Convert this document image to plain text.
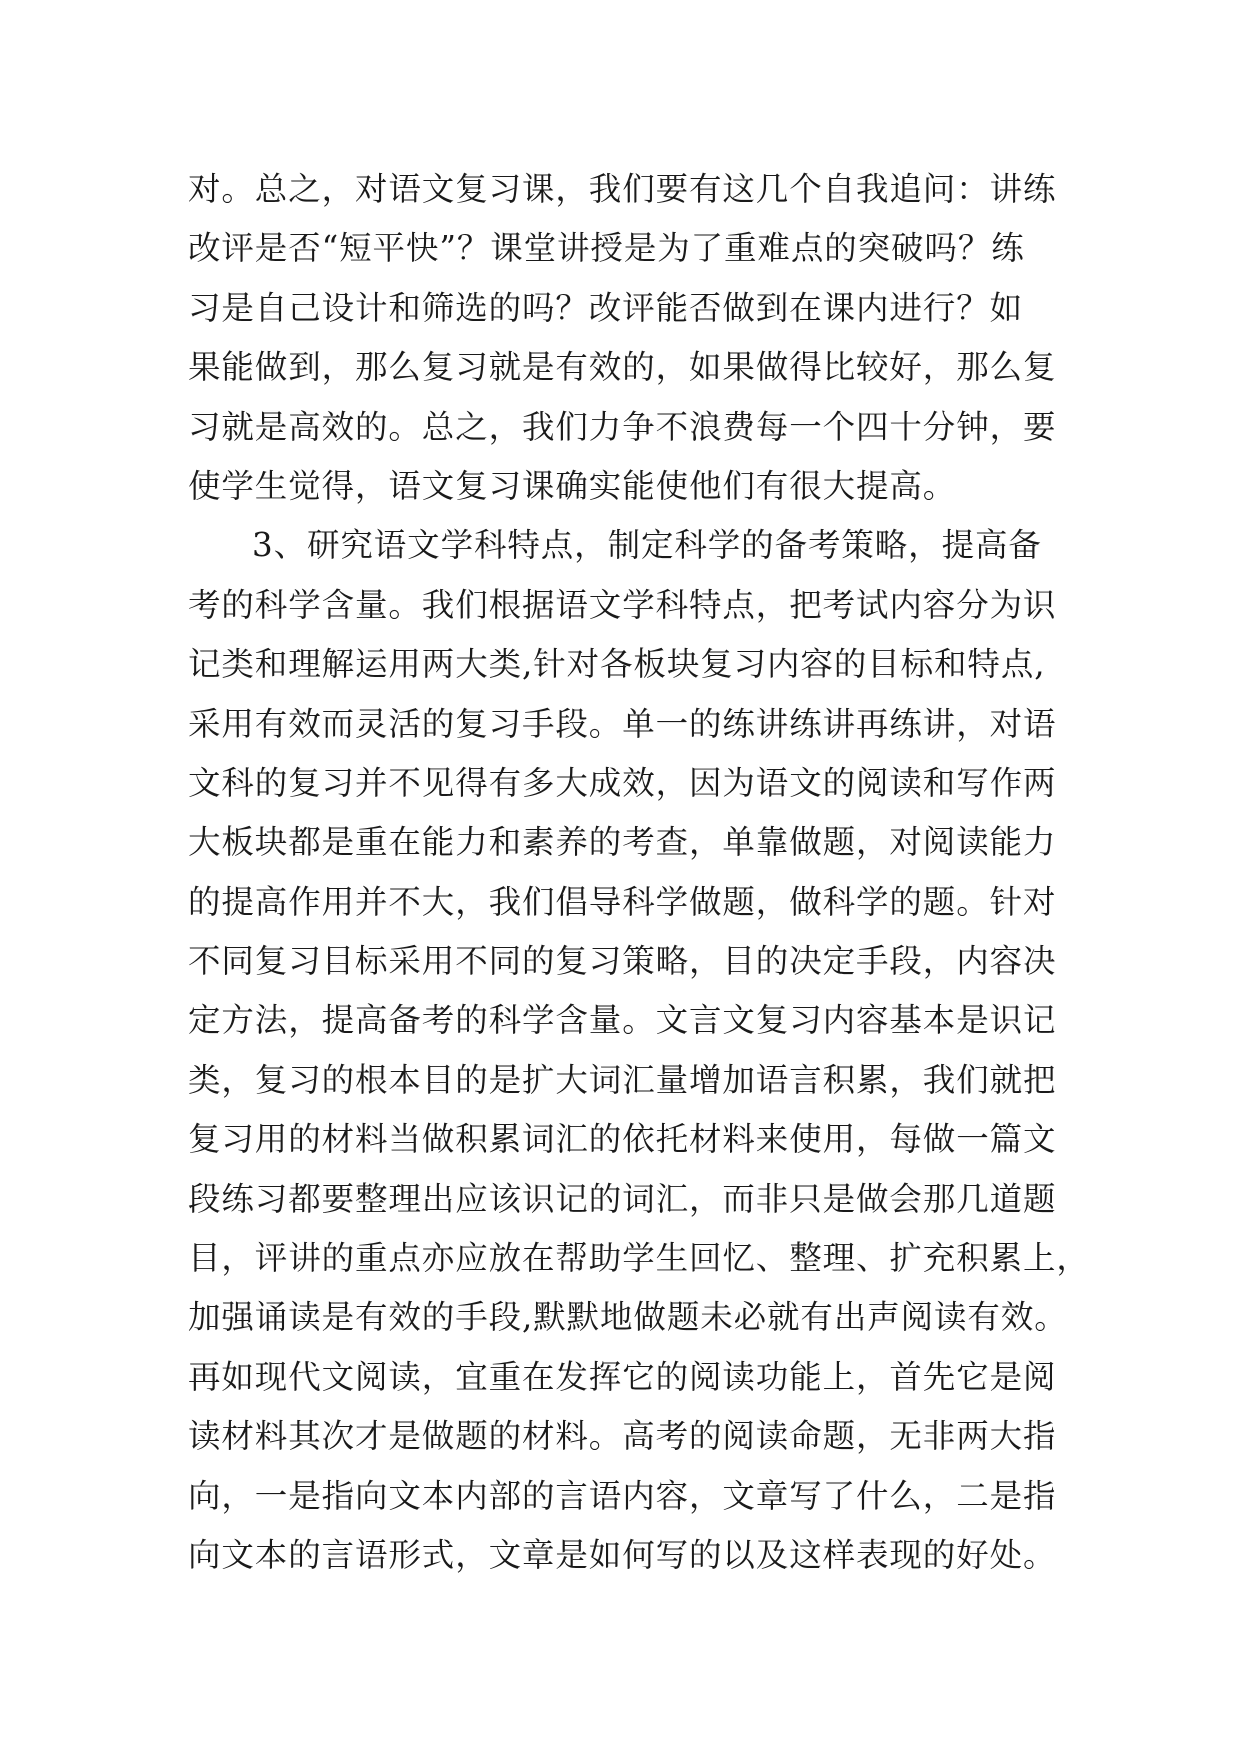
对。总之，对语文复习课，我们要有这几个自我追问：讲练
改评是否“短平快”？课堂讲授是为了重难点的突破吗？练
习是自己设计和筛选的吗？改评能否做到在课内进行？如
果能做到，那么复习就是有效的，如果做得比较好，那么复
习就是高效的。总之，我们力争不浪费每一个四十分钟，要
使学生觉得，语文复习课确实能使他们有很大提高。
3、研究语文学科特点，制定科学的备考策略，提高备
考的科学含量。我们根据语文学科特点，把考试内容分为识
记类和理解运用两大类,针对各板块复习内容的目标和特点,
采用有效而灵活的复习手段。单一的练讲练讲再练讲，对语
文科的复习并不见得有多大成效，因为语文的阅读和写作两
大板块都是重在能力和素养的考查，单靠做题，对阅读能力
的提高作用并不大，我们倡导科学做题，做科学的题。针对
不同复习目标采用不同的复习策略，目的决定手段，内容决
定方法，提高备考的科学含量。文言文复习内容基本是识记
类，复习的根本目的是扩大词汇量增加语言积累，我们就把
复习用的材料当做积累词汇的依托材料来使用，每做一篇文
段练习都要整理出应该识记的词汇，而非只是做会那几道题
目，评讲的重点亦应放在帮助学生回忆、整理、扩充积累上，
加强诵读是有效的手段,默默地做题未必就有出声阅读有效。
再如现代文阅读，宜重在发挥它的阅读功能上，首先它是阅
读材料其次才是做题的材料。高考的阅读命题，无非两大指
向，一是指向文本内部的言语内容，文章写了什么，二是指
向文本的言语形式，文章是如何写的以及这样表现的好处。
